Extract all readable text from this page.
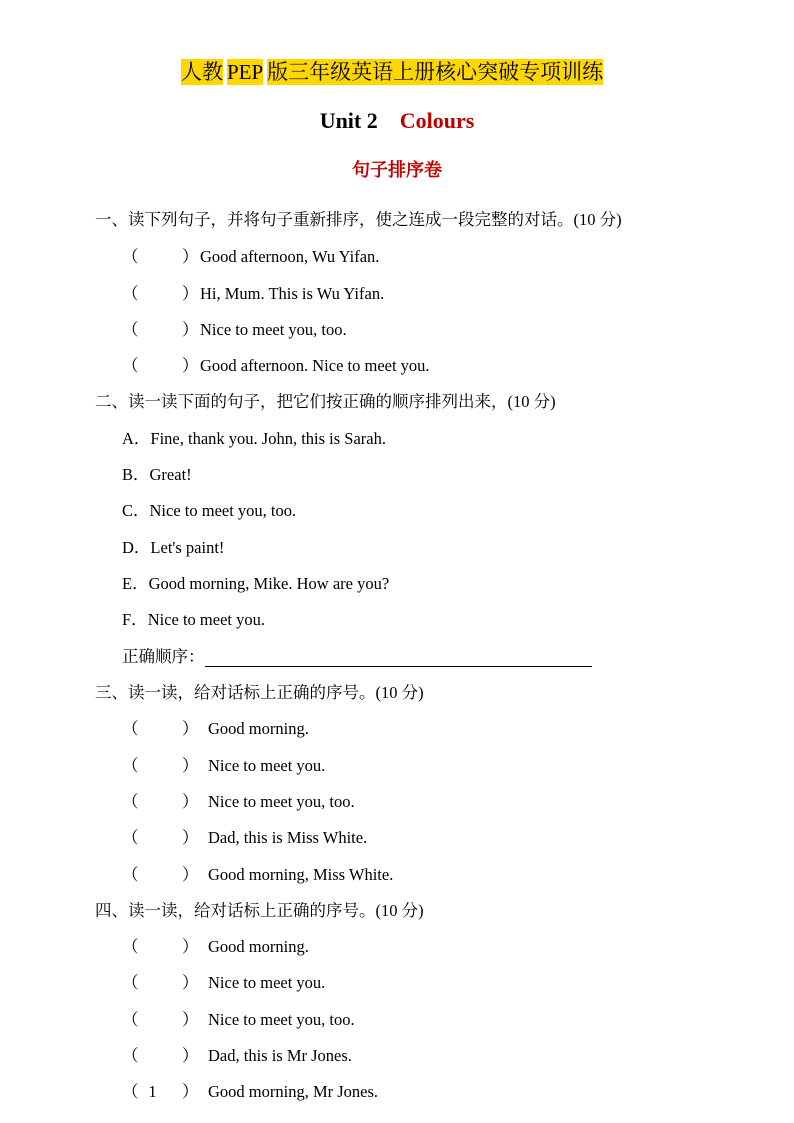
人教 PEP 版三年级英语上册核心突破专项训练
Unit 2 Colours
句子排序卷
一、读下列句子，并将句子重新排序，使之连成一段完整的对话。(10 分)
（	）Good afternoon, Wu Yifan.
（	）Hi, Mum. This is Wu Yifan.
（	）Nice to meet you, too.
（	）Good afternoon. Nice to meet you.
二、读一读下面的句子，把它们按正确的顺序排列出来，(10 分)
A．Fine, thank you. John, this is Sarah.
B．Great!
C．Nice to meet you, too.
D．Let's paint!
E．Good morning, Mike. How are you?
F．Nice to meet you.
正确顺序：
三、读一读，给对话标上正确的序号。(10 分)
（	） Good morning.
（	） Nice to meet you.
（	） Nice to meet you, too.
（	） Dad, this is Miss White.
（	） Good morning, Miss White.
四、读一读，给对话标上正确的序号。(10 分)
（	） Good morning.
（	） Nice to meet you.
（	） Nice to meet you, too.
（	） Dad, this is Mr Jones.
（ 1 ） Good morning, Mr Jones.
